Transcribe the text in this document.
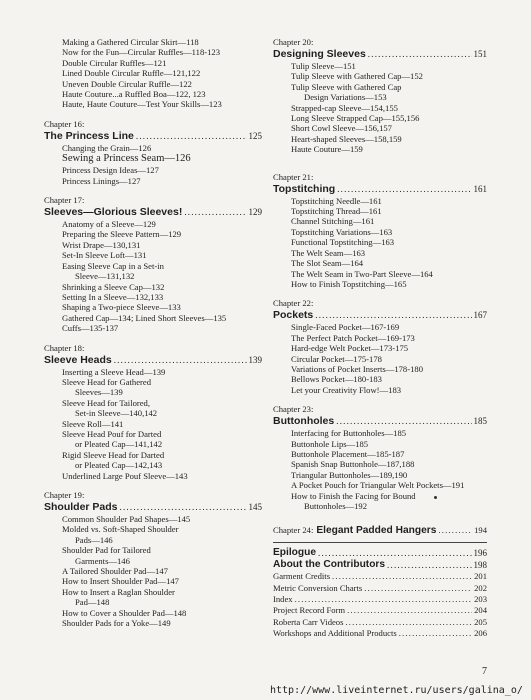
Making a Gathered Circular Skirt—118
Now for the Fun—Circular Ruffles—118-123
Double Circular Ruffles—121
Lined Double Circular Ruffle—121,122
Uneven Double Circular Ruffle—122
Haute Couture...a Ruffled Boa—122, 123
Haute, Haute Couture—Test Your Skills—123
Chapter 16:
The Princess Line .....	125
Changing the Grain—126
Sewing a Princess Seam—126
Princess Design Ideas—127
Princess Linings—127
Chapter 17:
Sleeves—Glorious Sleeves! .....	129
Anatomy of a Sleeve—129
Preparing the Sleeve Pattern—129
Wrist Drape—130,131
Set-In Sleeve Loft—131
Easing Sleeve Cap in a Set-in
Sleeve—131,132
Shrinking a Sleeve Cap—132
Setting In a Sleeve—132,133
Shaping a Two-piece Sleeve—133
Gathered Cap—134; Lined Short Sleeves—135
Cuffs—135-137
Chapter 18:
Sleeve Heads .....	139
Inserting a Sleeve Head—139
Sleeve Head for Gathered
Sleeves—139
Sleeve Head for Tailored,
Set-in Sleeve—140,142
Sleeve Roll—141
Sleeve Head Pouf for Darted
or Pleated Cap—141,142
Rigid Sleeve Head for Darted
or Pleated Cap—142,143
Underlined Large Pouf Sleeve—143
Chapter 19:
Shoulder Pads .....	145
Common Shoulder Pad Shapes—145
Molded vs. Soft-Shaped Shoulder
Pads—146
Shoulder Pad for Tailored
Garments—146
A Tailored Shoulder Pad—147
How to Insert Shoulder Pad—147
How to Insert a Raglan Shoulder
Pad—148
How to Cover a Shoulder Pad—148
Shoulder Pads for a Yoke—149
Chapter 20:
Designing Sleeves .....	151
Tulip Sleeve—151
Tulip Sleeve with Gathered Cap—152
Tulip Sleeve with Gathered Cap
Design Variations—153
Strapped-cap Sleeve—154,155
Long Sleeve Strapped Cap—155,156
Short Cowl Sleeve—156,157
Heart-shaped Sleeves—158,159
Haute Couture—159
Chapter 21:
Topstitching .....	161
Topstitching Needle—161
Topstitching Thread—161
Channel Stitching—161
Topstitching Variations—163
Functional Topstitching—163
The Welt Seam—163
The Slot Seam—164
The Welt Seam in Two-Part Sleeve—164
How to Finish Topstitching—165
Chapter 22:
Pockets .....	167
Single-Faced Pocket—167-169
The Perfect Patch Pocket—169-173
Hard-edge Welt Pocket—173-175
Circular Pocket—175-178
Variations of Pocket Inserts—178-180
Bellows Pocket—180-183
Let your Creativity Flow!—183
Chapter 23:
Buttonholes .....	185
Interfacing for Buttonholes—185
Buttonhole Lips—185
Buttonhole Placement—185-187
Spanish Snap Buttonhole—187,188
Triangular Buttonholes—189,190
A Pocket Pouch for Triangular Welt Pockets—191
How to Finish the Facing for Bound
Buttonholes—192
Chapter 24: Elegant Padded Hangers .....	194
Epilogue .....	196
About the Contributors .....	198
Garment Credits .....	201
Metric Conversion Charts .....	202
Index .....	203
Project Record Form .....	204
Roberta Carr Videos .....	205
Workshops and Additional Products .....	206
7
http://www.liveinternet.ru/users/galina_o/
